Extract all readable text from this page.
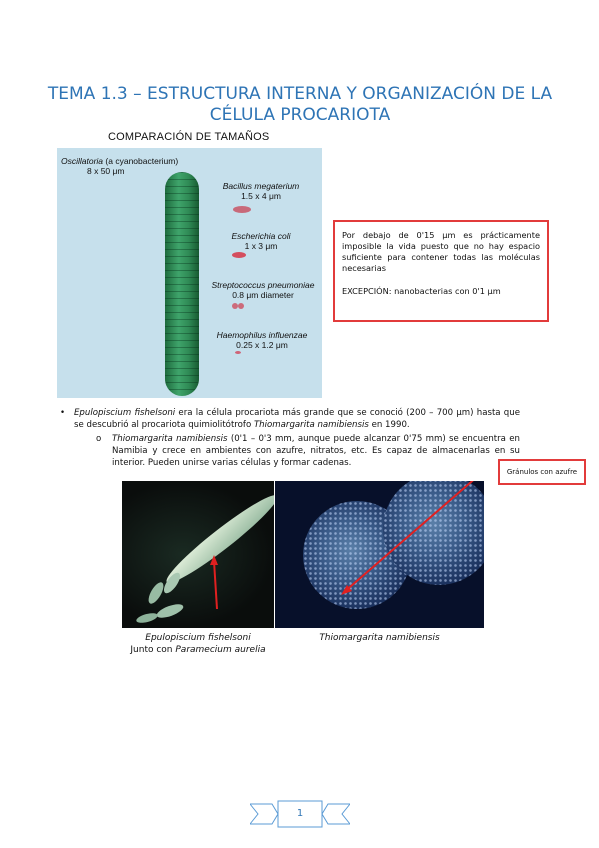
TEMA 1.3 – ESTRUCTURA INTERNA Y ORGANIZACIÓN DE LA CÉLULA PROCARIOTA
COMPARACIÓN DE TAMAÑOS
Oscillatoria (a cyanobacterium)
8 x 50 μm
Bacillus megaterium
1.5 x 4 μm
Escherichia coli
1 x 3 μm
Streptococcus pneumoniae
0.8 μm diameter
Haemophilus influenzae
0.25 x 1.2 μm

Por debajo de 0'15 μm es prácticamente imposible la vida puesto que no hay espacio suficiente para contener todas las moléculas necesarias

EXCEPCIÓN: nanobacterias con 0'1 μm

• Epulopiscium fishelsoni era la célula procariota más grande que se conoció (200 – 700 μm) hasta que se descubrió al procariota quimiolitótrofo Thiomargarita namibiensis en 1990.
o Thiomargarita namibiensis (0'1 – 0'3 mm, aunque puede alcanzar 0'75 mm) se encuentra en Namibia y crece en ambientes con azufre, nitratos, etc. Es capaz de almacenarlas en su interior. Pueden unirse varias células y formar cadenas.
Gránulos con azufre
Epulopiscium fishelsoni
Junto con Paramecium aurelia
Thiomargarita namibiensis
1
